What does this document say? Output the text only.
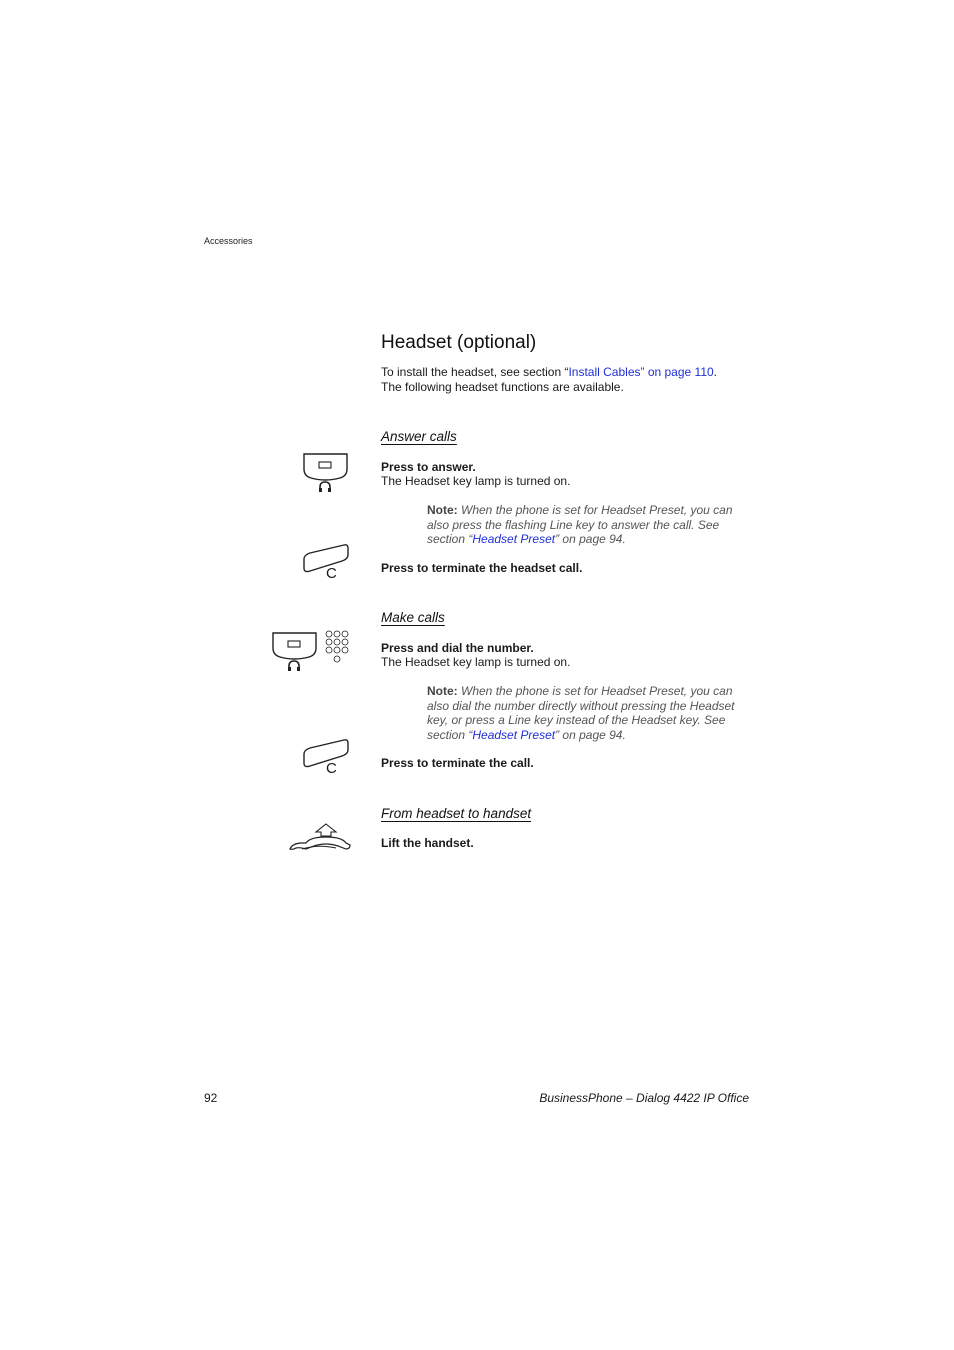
Accessories
Headset (optional)
To install the headset, see section “Install Cables” on page 110.
The following headset functions are available.
Answer calls
Press to answer.
The Headset key lamp is turned on.
Note: When the phone is set for Headset Preset, you can also press the flashing Line key to answer the call. See section “Headset Preset” on page 94.
C	Press to terminate the headset call.
Make calls
Press and dial the number.
The Headset key lamp is turned on.
Note: When the phone is set for Headset Preset, you can also dial the number directly without pressing the Headset key, or press a Line key instead of the Headset key. See section “Headset Preset” on page 94.
C	Press to terminate the call.
From headset to handset
Lift the handset.
92	BusinessPhone – Dialog 4422 IP Office
